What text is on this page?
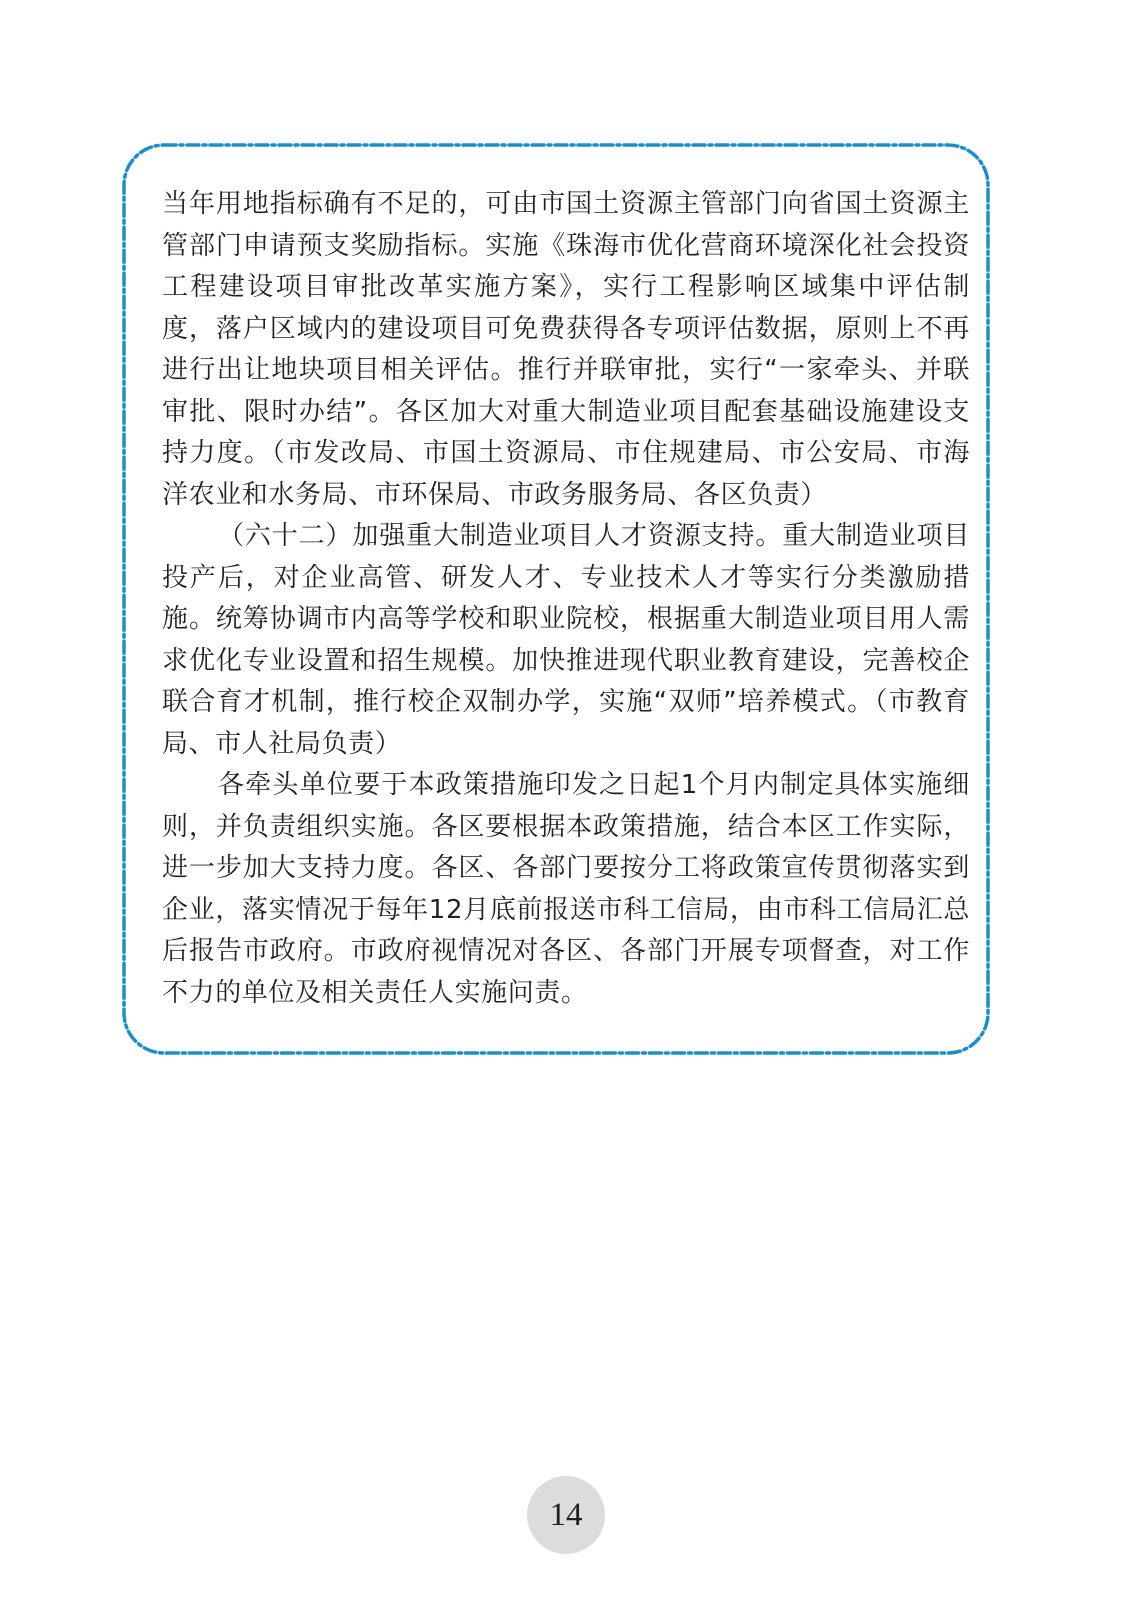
当年用地指标确有不足的，可由市国土资源主管部门向省国土资源主管部门申请预支奖励指标。实施《珠海市优化营商环境深化社会投资工程建设项目审批改革实施方案》，实行工程影响区域集中评估制度，落户区域内的建设项目可免费获得各专项评估数据，原则上不再进行出让地块项目相关评估。推行并联审批，实行“一家牵头、并联审批、限时办结”。各区加大对重大制造业项目配套基础设施建设支持力度。（市发改局、市国土资源局、市住规建局、市公安局、市海洋农业和水务局、市环保局、市政务服务局、各区负责）

（六十二）加强重大制造业项目人才资源支持。重大制造业项目投产后，对企业高管、研发人才、专业技术人才等实行分类激励措施。统筹协调市内高等学校和职业院校，根据重大制造业项目用人需求优化专业设置和招生规模。加快推进现代职业教育建设，完善校企联合育才机制，推行校企双制办学，实施“双师”培养模式。（市教育局、市人社局负责）

各牵头单位要于本政策措施印发之日起1个月内制定具体实施细则，并负责组织实施。各区要根据本政策措施，结合本区工作实际，进一步加大支持力度。各区、各部门要按分工将政策宣传贯彻落实到企业，落实情况于每年12月底前报送市科工信局，由市科工信局汇总后报告市政府。市政府视情况对各区、各部门开展专项督查，对工作不力的单位及相关责任人实施问责。

14
